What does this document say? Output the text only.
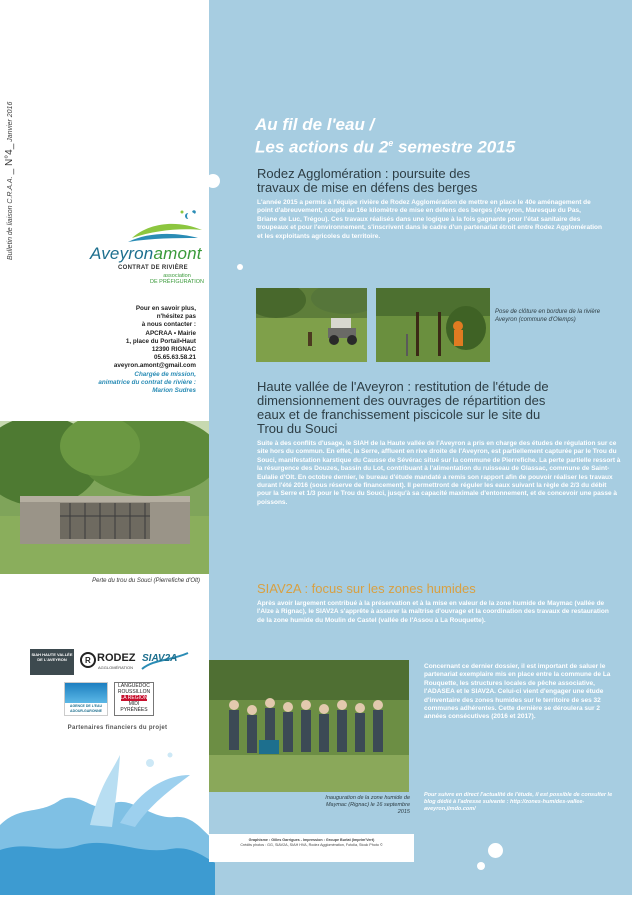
Bulletin de liaison C.R.A.A. _ N°4_ Janvier 2016
Aveyronamont
CONTRAT DE RIVIÈRE
association
DE PRÉFIGURATION
Pour en savoir plus,
n'hésitez pas
à nous contacter :
APCRAA • Mairie
1, place du Portail•Haut
12390 RIGNAC
05.65.63.58.21
aveyron.amont@gmail.com
Chargée de mission,
animatrice du contrat de rivière :
Marion Sudres
Perte du trou du Souci (Pierrefiche d'Olt)
SIAH HAUTE VALLÉE DE L'AVEYRON	R RODEZ
AGGLOMÉRATION
SIAV2A
AGENCE DE L'EAU ADOUR-GARONNE
LANGUEDOC
ROUSSILLON
LA RÉGION MIDI
PYRÉNÉES
Partenaires financiers du projet
Au fil de l'eau /
Les actions du 2e semestre 2015
Rodez Agglomération : poursuite des travaux de mise en défens des berges
L'année 2015 a permis à l'équipe rivière de Rodez Agglomération de mettre en place le 40e aménagement de point d'abreuvement, couplé au 16e kilomètre de mise en défens des berges (Aveyron, Maresque du Pas, Briane de Luc, Trégou). Ces travaux réalisés dans une logique à la fois gagnante pour l'état sanitaire des troupeaux et pour l'environnement, s'inscrivent dans le cadre d'un partenariat étroit entre Rodez Agglomération et les exploitants agricoles du territoire.
Pose de clôture en bordure de la rivière Aveyron (commune d'Olemps)
Haute vallée de l'Aveyron : restitution de l'étude de dimensionnement des ouvrages de répartition des eaux et de franchissement piscicole sur le site du Trou du Souci
Suite à des conflits d'usage, le SIAH de la Haute vallée de l'Aveyron a pris en charge des études de régulation sur ce site hors du commun. En effet, la Serre, affluent en rive droite de l'Aveyron, est partiellement capturée par le Trou du Souci, manifestation karstique du Causse de Sévérac situé sur la commune de Pierrefiche. La perte partielle ressort à la résurgence des Douzes, bassin du Lot, contribuant à l'alimentation du ruisseau de Glassac, commune de Saint-Eulalie d'Olt. En octobre dernier, le bureau d'étude mandaté a remis son rapport afin de pouvoir réaliser les travaux durant l'été 2016 (sous réserve de financement). Il permettront de réguler les eaux suivant la règle de 2/3 du débit pour la Serre et 1/3 pour le Trou du Souci, jusqu'à sa capacité maximale d'entonnement, et de concevoir une passe à poissons.
SIAV2A : focus sur les zones humides
Après avoir largement contribué à la préservation et à la mise en valeur de la zone humide de Maymac (vallée de l'Alze à Rignac), le SIAV2A s'apprête à assurer la maîtrise d'ouvrage et la coordination des travaux de restauration de la zone humide du Moulin de Castel (vallée de l'Assou à La Rouquette).
Inauguration de la zone humide de Maymac (Rignac) le 16 septembre 2015
Concernant ce dernier dossier, il est important de saluer le partenariat exemplaire mis en place entre la commune de La Rouquette, les structures locales de pêche associative, l'ADASEA et le SIAV2A. Celui-ci vient d'engager une étude d'inventaire des zones humides sur le territoire de ses 32 communes adhérentes. Cette dernière se déroulera sur 2 années consécutives (2016 et 2017).
Pour suivre en direct l'actualité de l'étude, il est possible de consulter le blog dédié à l'adresse suivante : http://zones-humides-vallee-aveyron.jimdo.com/
Graphisme : Gilles Garrigues - Impression : Groupe Burlat (Imprim'Vert)
Crédits photos : GG, SIAV2A, SIAH HVA, Rodez Agglomération, Fotolia, Stock Photo ©
